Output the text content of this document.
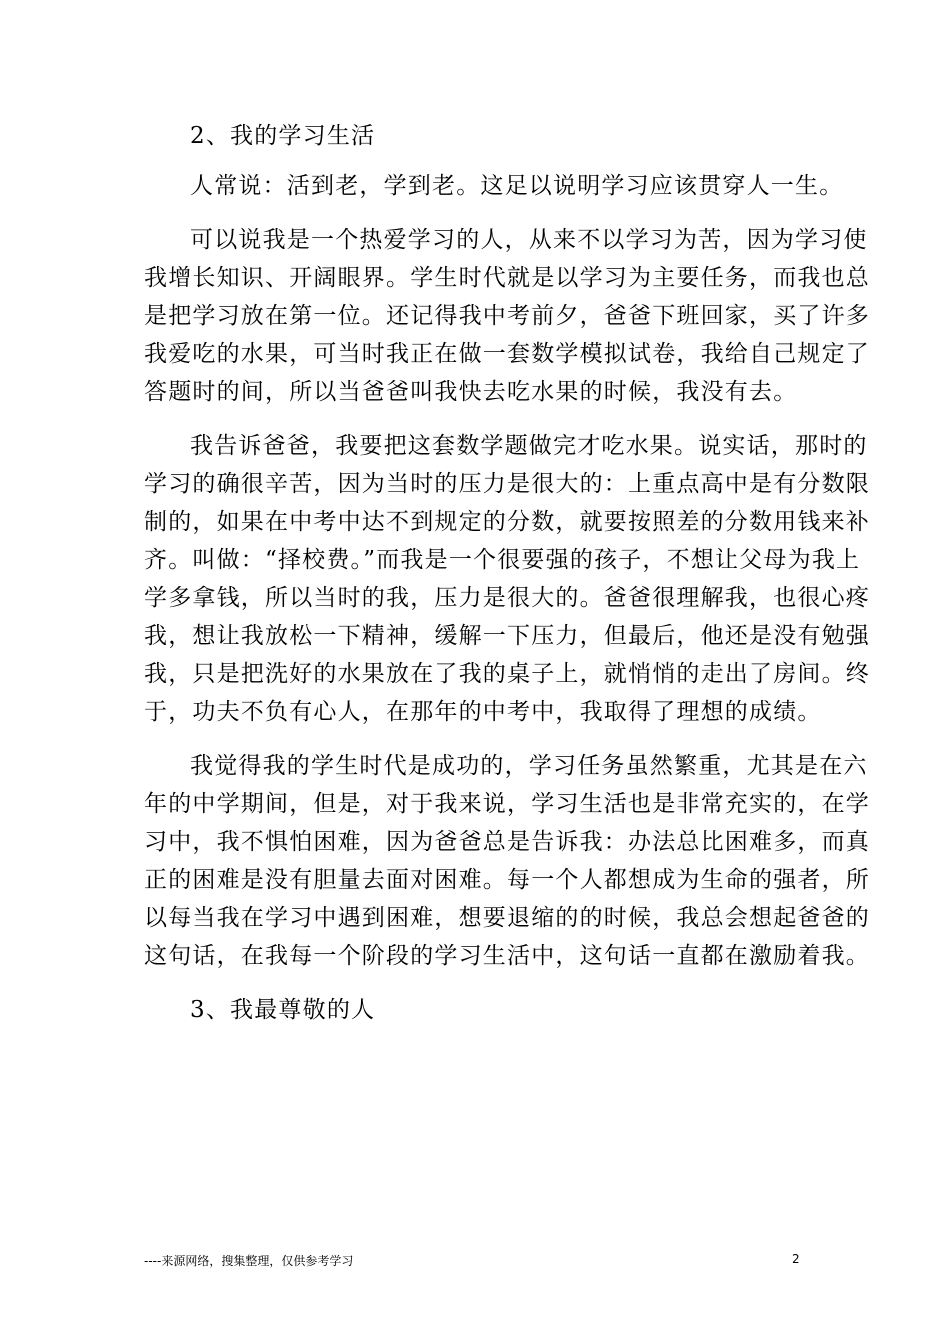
2、我的学习生活
人常说：活到老，学到老。这足以说明学习应该贯穿人一生。
可以说我是一个热爱学习的人，从来不以学习为苦，因为学习使
我增长知识、开阔眼界。学生时代就是以学习为主要任务，而我也总
是把学习放在第一位。还记得我中考前夕，爸爸下班回家，买了许多
我爱吃的水果，可当时我正在做一套数学模拟试卷，我给自己规定了
答题时的间，所以当爸爸叫我快去吃水果的时候，我没有去。
我告诉爸爸，我要把这套数学题做完才吃水果。说实话，那时的
学习的确很辛苦，因为当时的压力是很大的：上重点高中是有分数限
制的，如果在中考中达不到规定的分数，就要按照差的分数用钱来补
齐。叫做：“择校费。”而我是一个很要强的孩子，不想让父母为我上
学多拿钱，所以当时的我，压力是很大的。爸爸很理解我，也很心疼
我，想让我放松一下精神，缓解一下压力，但最后，他还是没有勉强
我，只是把洗好的水果放在了我的桌子上，就悄悄的走出了房间。终
于，功夫不负有心人，在那年的中考中，我取得了理想的成绩。
我觉得我的学生时代是成功的，学习任务虽然繁重，尤其是在六
年的中学期间，但是，对于我来说，学习生活也是非常充实的，在学
习中，我不惧怕困难，因为爸爸总是告诉我：办法总比困难多，而真
正的困难是没有胆量去面对困难。每一个人都想成为生命的强者，所
以每当我在学习中遇到困难，想要退缩的的时候，我总会想起爸爸的
这句话，在我每一个阶段的学习生活中，这句话一直都在激励着我。
3、我最尊敬的人
----来源网络，搜集整理，仅供参考学习	2
